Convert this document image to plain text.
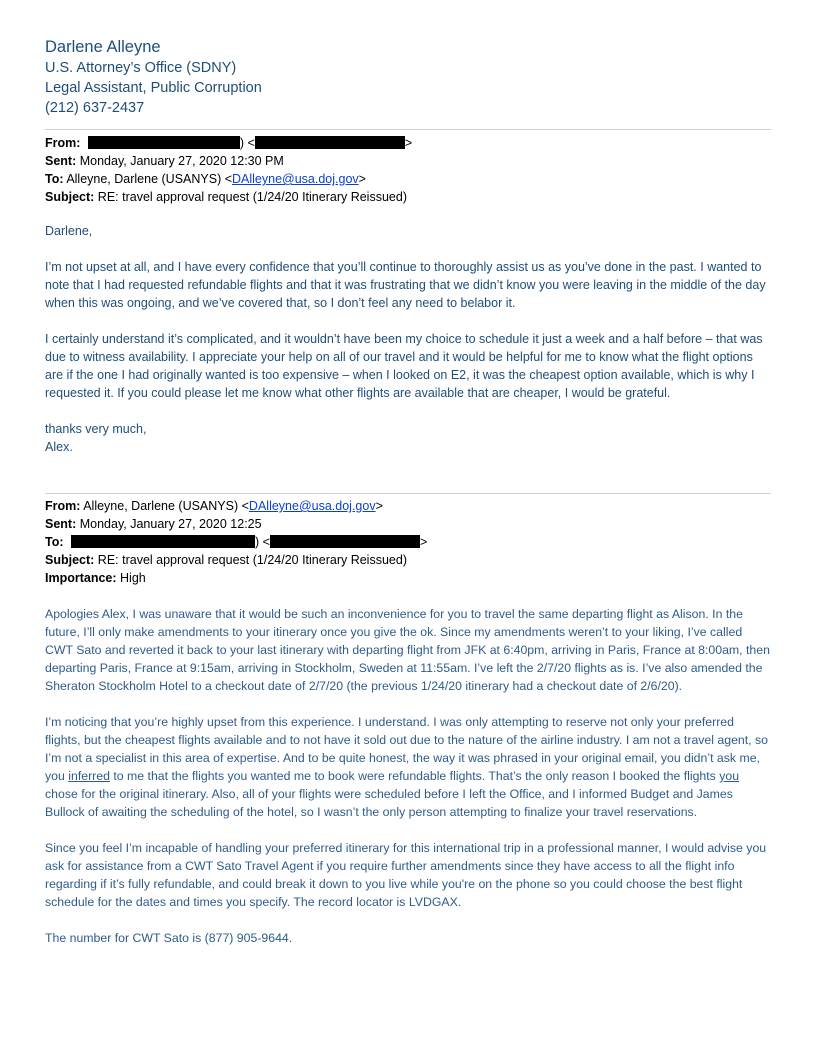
Darlene Alleyne
U.S. Attorney’s Office (SDNY)
Legal Assistant, Public Corruption
(212) 637-2437
From:	) <	>
Sent: Monday, January 27, 2020 12:30 PM
To: Alleyne, Darlene (USANYS) <DAlleyne@usa.doj.gov>
Subject: RE: travel approval request (1/24/20 Itinerary Reissued)

Darlene,

I’m not upset at all, and I have every confidence that you’ll continue to thoroughly assist us as you’ve done in the past. I wanted to note that I had requested refundable flights and that it was frustrating that we didn’t know you were leaving in the middle of the day when this was ongoing, and we’ve covered that, so I don’t feel any need to belabor it.

I certainly understand it’s complicated, and it wouldn’t have been my choice to schedule it just a week and a half before – that was due to witness availability. I appreciate your help on all of our travel and it would be helpful for me to know what the flight options are if the one I had originally wanted is too expensive – when I looked on E2, it was the cheapest option available, which is why I requested it. If you could please let me know what other flights are available that are cheaper, I would be grateful.

thanks very much,

Alex.

From: Alleyne, Darlene (USANYS) <DAlleyne@usa.doj.gov>
Sent: Monday, January 27, 2020 12:25
To:	) <	>
Subject: RE: travel approval request (1/24/20 Itinerary Reissued)
Importance: High

Apologies Alex, I was unaware that it would be such an inconvenience for you to travel the same departing flight as Alison. In the future, I’ll only make amendments to your itinerary once you give the ok. Since my amendments weren’t to your liking, I’ve called CWT Sato and reverted it back to your last itinerary with departing flight from JFK at 6:40pm, arriving in Paris, France at 8:00am, then departing Paris, France at 9:15am, arriving in Stockholm, Sweden at 11:55am. I’ve left the 2/7/20 flights as is. I’ve also amended the Sheraton Stockholm Hotel to a checkout date of 2/7/20 (the previous 1/24/20 itinerary had a checkout date of 2/6/20).

I’m noticing that you’re highly upset from this experience. I understand. I was only attempting to reserve not only your preferred flights, but the cheapest flights available and to not have it sold out due to the nature of the airline industry. I am not a travel agent, so I’m not a specialist in this area of expertise. And to be quite honest, the way it was phrased in your original email, you didn’t ask me, you inferred to me that the flights you wanted me to book were refundable flights. That’s the only reason I booked the flights you chose for the original itinerary. Also, all of your flights were scheduled before I left the Office, and I informed Budget and James Bullock of awaiting the scheduling of the hotel, so I wasn’t the only person attempting to finalize your travel reservations.

Since you feel I’m incapable of handling your preferred itinerary for this international trip in a professional manner, I would advise you ask for assistance from a CWT Sato Travel Agent if you require further amendments since they have access to all the flight info regarding if it’s fully refundable, and could break it down to you live while you're on the phone so you could choose the best flight schedule for the dates and times you specify. The record locator is LVDGAX.

The number for CWT Sato is (877) 905-9644.
